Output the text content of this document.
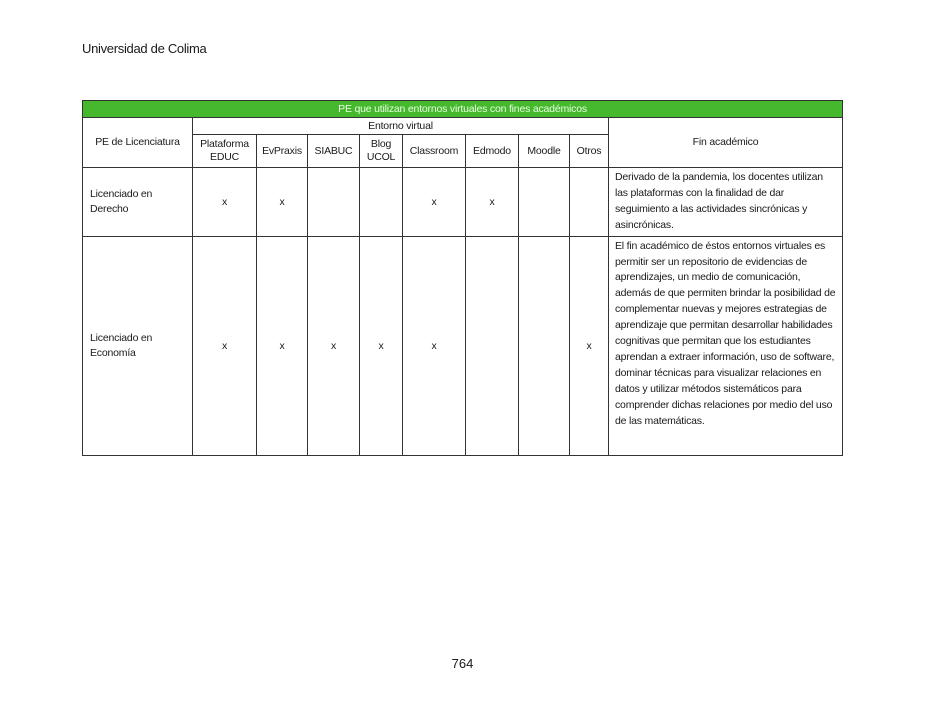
Universidad de Colima
PE que utilizan entornos virtuales con fines académicos									
PE de Licenciatura	Entorno virtual								Fin académico
	Plataforma EDUC	EvPraxis	SIABUC	Blog UCOL	Classroom	Edmodo	Moodle	Otros	
Licenciado en Derecho	x	x			x	x			Derivado de la pandemia, los docentes utilizan las plataformas con la finalidad de dar seguimiento a las actividades sincrónicas y asincrónicas.
Licenciado en Economía	x	x	x	x	x			x	El fin académico de éstos entornos virtuales es permitir ser un repositorio de evidencias de aprendizajes, un medio de comunicación, además de que permiten brindar la posibilidad de complementar nuevas y mejores estrategias de aprendizaje que permitan desarrollar habilidades cognitivas que permitan que los estudiantes aprendan a extraer información, uso de software, dominar técnicas para visualizar relaciones en datos y utilizar métodos sistemáticos para comprender dichas relaciones por medio del uso de las matemáticas.
764
